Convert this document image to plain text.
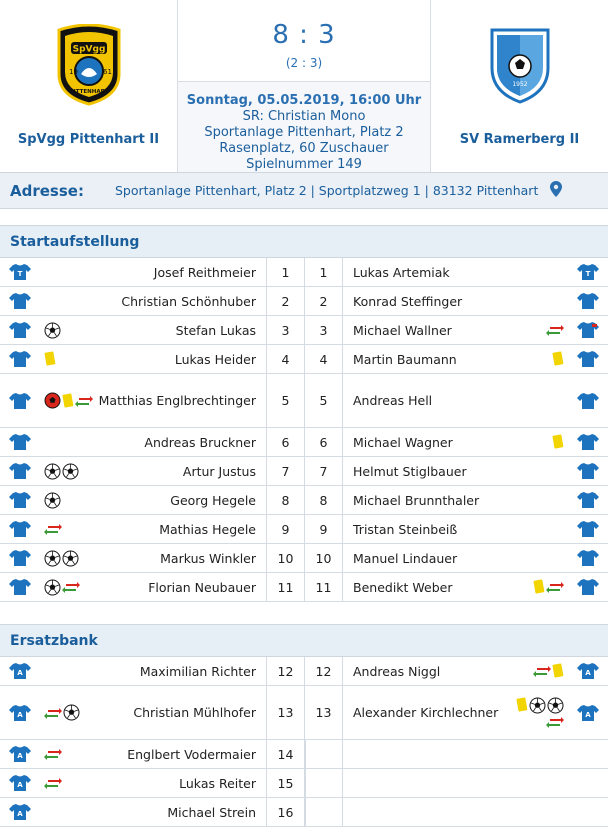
SpVgg
19	61
PITTENHART
SpVgg Pittenhart II
8 : 3
(2 : 3)
Sonntag, 05.05.2019, 16:00 Uhr
SR: Christian Mono
Sportanlage Pittenhart, Platz 2
Rasenplatz, 60 Zuschauer
Spielnummer 149
1952
SV Ramerberg II
Adresse:	Sportanlage Pittenhart, Platz 2 | Sportplatzweg 1 | 83132 Pittenhart
Startaufstellung
T	Josef Reithmeier	1	1	Lukas Artemiak	T
Christian Schönhuber	2	2	Konrad Steffinger
Stefan Lukas	3	3	Michael Wallner
Lukas Heider	4	4	Martin Baumann
Matthias Englbrechtinger	5	5	Andreas Hell
Andreas Bruckner	6	6	Michael Wagner
Artur Justus	7	7	Helmut Stiglbauer
Georg Hegele	8	8	Michael Brunnthaler
Mathias Hegele	9	9	Tristan Steinbeiß
Markus Winkler	10	10	Manuel Lindauer
Florian Neubauer	11	11	Benedikt Weber
Ersatzbank
A	Maximilian Richter	12	12	Andreas Niggl	A
A	Christian Mühlhofer	13	13	Alexander Kirchlechner	A
A	Englbert Vodermaier	14
A	Lukas Reiter	15
A	Michael Strein	16
